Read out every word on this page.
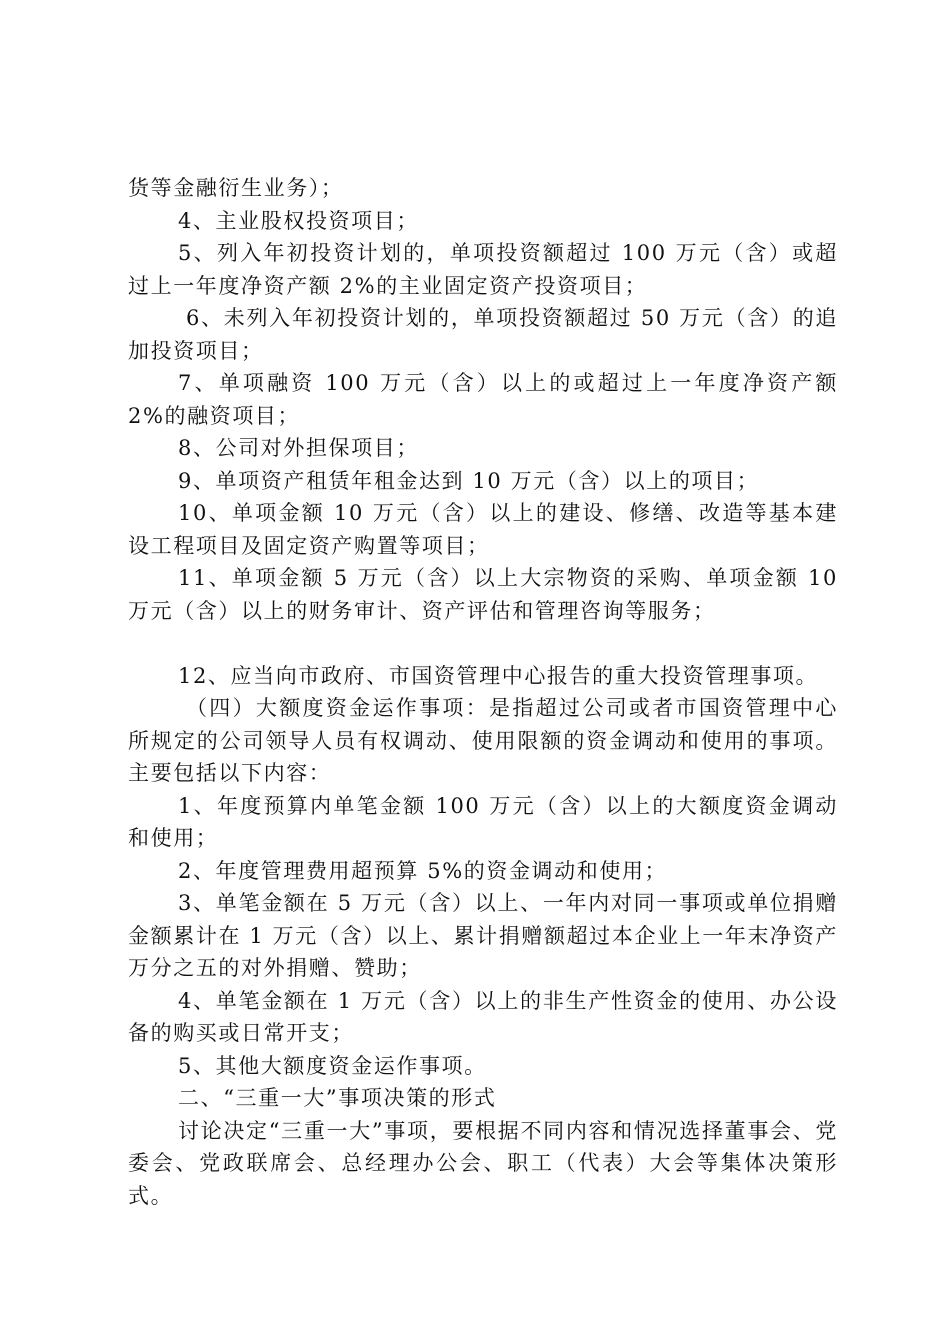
货等金融衍生业务）；

4、主业股权投资项目；

5、列入年初投资计划的，单项投资额超过 100 万元（含）或超过上一年度净资产额 2%的主业固定资产投资项目；

6、未列入年初投资计划的，单项投资额超过 50 万元（含）的追加投资项目；

7、单项融资 100 万元（含）以上的或超过上一年度净资产额 2%的融资项目；

8、公司对外担保项目；

9、单项资产租赁年租金达到 10 万元（含）以上的项目；

10、单项金额 10 万元（含）以上的建设、修缮、改造等基本建设工程项目及固定资产购置等项目；

11、单项金额 5 万元（含）以上大宗物资的采购、单项金额 10 万元（含）以上的财务审计、资产评估和管理咨询等服务；

12、应当向市政府、市国资管理中心报告的重大投资管理事项。

（四）大额度资金运作事项：是指超过公司或者市国资管理中心所规定的公司领导人员有权调动、使用限额的资金调动和使用的事项。主要包括以下内容：

1、年度预算内单笔金额 100 万元（含）以上的大额度资金调动和使用；

2、年度管理费用超预算 5%的资金调动和使用；

3、单笔金额在 5 万元（含）以上、一年内对同一事项或单位捐赠金额累计在 1 万元（含）以上、累计捐赠额超过本企业上一年末净资产万分之五的对外捐赠、赞助；

4、单笔金额在 1 万元（含）以上的非生产性资金的使用、办公设备的购买或日常开支；

5、其他大额度资金运作事项。

二、“三重一大”事项决策的形式

讨论决定“三重一大”事项，要根据不同内容和情况选择董事会、党委会、党政联席会、总经理办公会、职工（代表）大会等集体决策形式。
